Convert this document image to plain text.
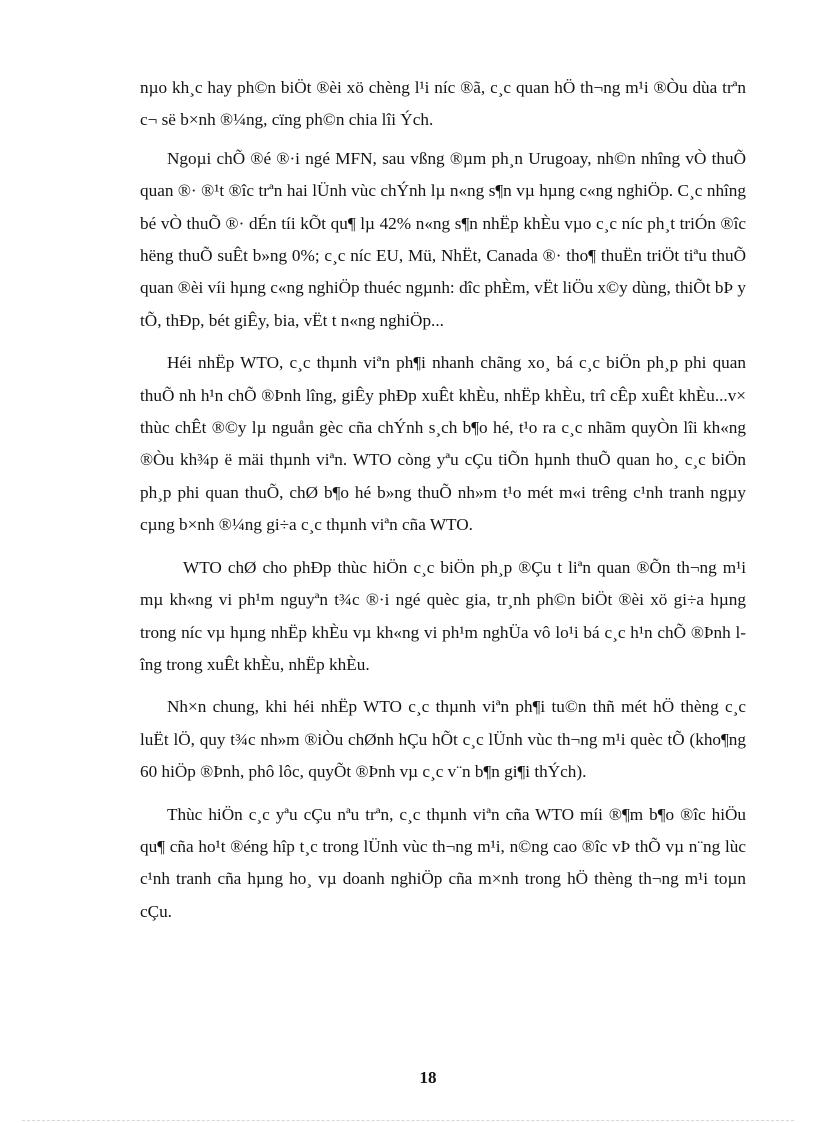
nµo kh¸c hay ph©n biÖt ®èi xö chèng l¹i níc ®ã, c¸c quan hÖ th¬ng m¹i ®Òu dùa trªn c¬ së b×nh ®¼ng, cïng ph©n chia lîi Ých.

Ngoµi chÕ ®é ®·i ngé MFN, sau vßng ®µm ph¸n Urugoay, nh©n nhîng vÒ thuÕ quan ®· ®¹t ®îc trªn hai lÜnh vùc chÝnh lµ n«ng s¶n vµ hµng c«ng nghiÖp. C¸c nhîng bé vÒ thuÕ ®· dÉn tíi kÕt qu¶ lµ 42% n«ng s¶n nhËp khÈu vµo c¸c níc ph¸t triÓn ®îc hëng thuÕ suÊt b»ng 0%; c¸c níc EU, Mü, NhËt, Canada ®· tho¶ thuËn triÖt tiªu thuÕ quan ®èi víi hµng c«ng nghiÖp thuéc ngµnh: dîc phÈm, vËt liÖu x©y dùng, thiÕt bÞ y tÕ, thÐp, bét giÊy, bia, vËt t n«ng nghiÖp...

Héi nhËp WTO, c¸c thµnh viªn ph¶i nhanh chãng xo¸ bá c¸c biÖn ph¸p phi quan thuÕ nh h¹n chÕ ®Þnh lîng, giÊy phÐp xuÊt khÈu, nhËp khÈu, trî cÊp xuÊt khÈu...v× thùc chÊt ®©y lµ nguån gèc cña chÝnh s¸ch b¶o hé, t¹o ra c¸c nhãm quyÒn lîi kh«ng ®Òu kh¾p ë mäi thµnh viªn. WTO còng yªu cÇu tiÕn hµnh thuÕ quan ho¸ c¸c biÖn ph¸p phi quan thuÕ, chØ b¶o hé b»ng thuÕ nh»m t¹o mét m«i trêng c¹nh tranh ngµy cµng b×nh ®¼ng gi÷a c¸c thµnh viªn cña WTO.

WTO chØ cho phÐp thùc hiÖn c¸c biÖn ph¸p ®Çu t liªn quan ®Õn th¬ng m¹i mµ kh«ng vi ph¹m nguyªn t¾c ®·i ngé quèc gia, tr¸nh ph©n biÖt ®èi xö gi÷a hµng trong níc vµ hµng nhËp khÈu vµ kh«ng vi ph¹m nghÜa vô lo¹i bá c¸c h¹n chÕ ®Þnh lîng trong xuÊt khÈu, nhËp khÈu.

Nh×n chung, khi héi nhËp WTO c¸c thµnh viªn ph¶i tu©n thñ mét hÖ thèng c¸c luËt lÖ, quy t¾c nh»m ®iÒu chØnh hÇu hÕt c¸c lÜnh vùc th¬ng m¹i quèc tÕ (kho¶ng 60 hiÖp ®Þnh, phô lôc, quyÕt ®Þnh vµ c¸c v¨n b¶n gi¶i thÝch).

Thùc hiÖn c¸c yªu cÇu nªu trªn, c¸c thµnh viªn cña WTO míi ®¶m b¶o ®îc hiÖu qu¶ cña ho¹t ®éng hîp t¸c trong lÜnh vùc th¬ng m¹i, n©ng cao ®îc vÞ thÕ vµ n¨ng lùc c¹nh tranh cña hµng ho¸ vµ doanh nghiÖp cña m×nh trong hÖ thèng th¬ng m¹i toµn cÇu.

18
